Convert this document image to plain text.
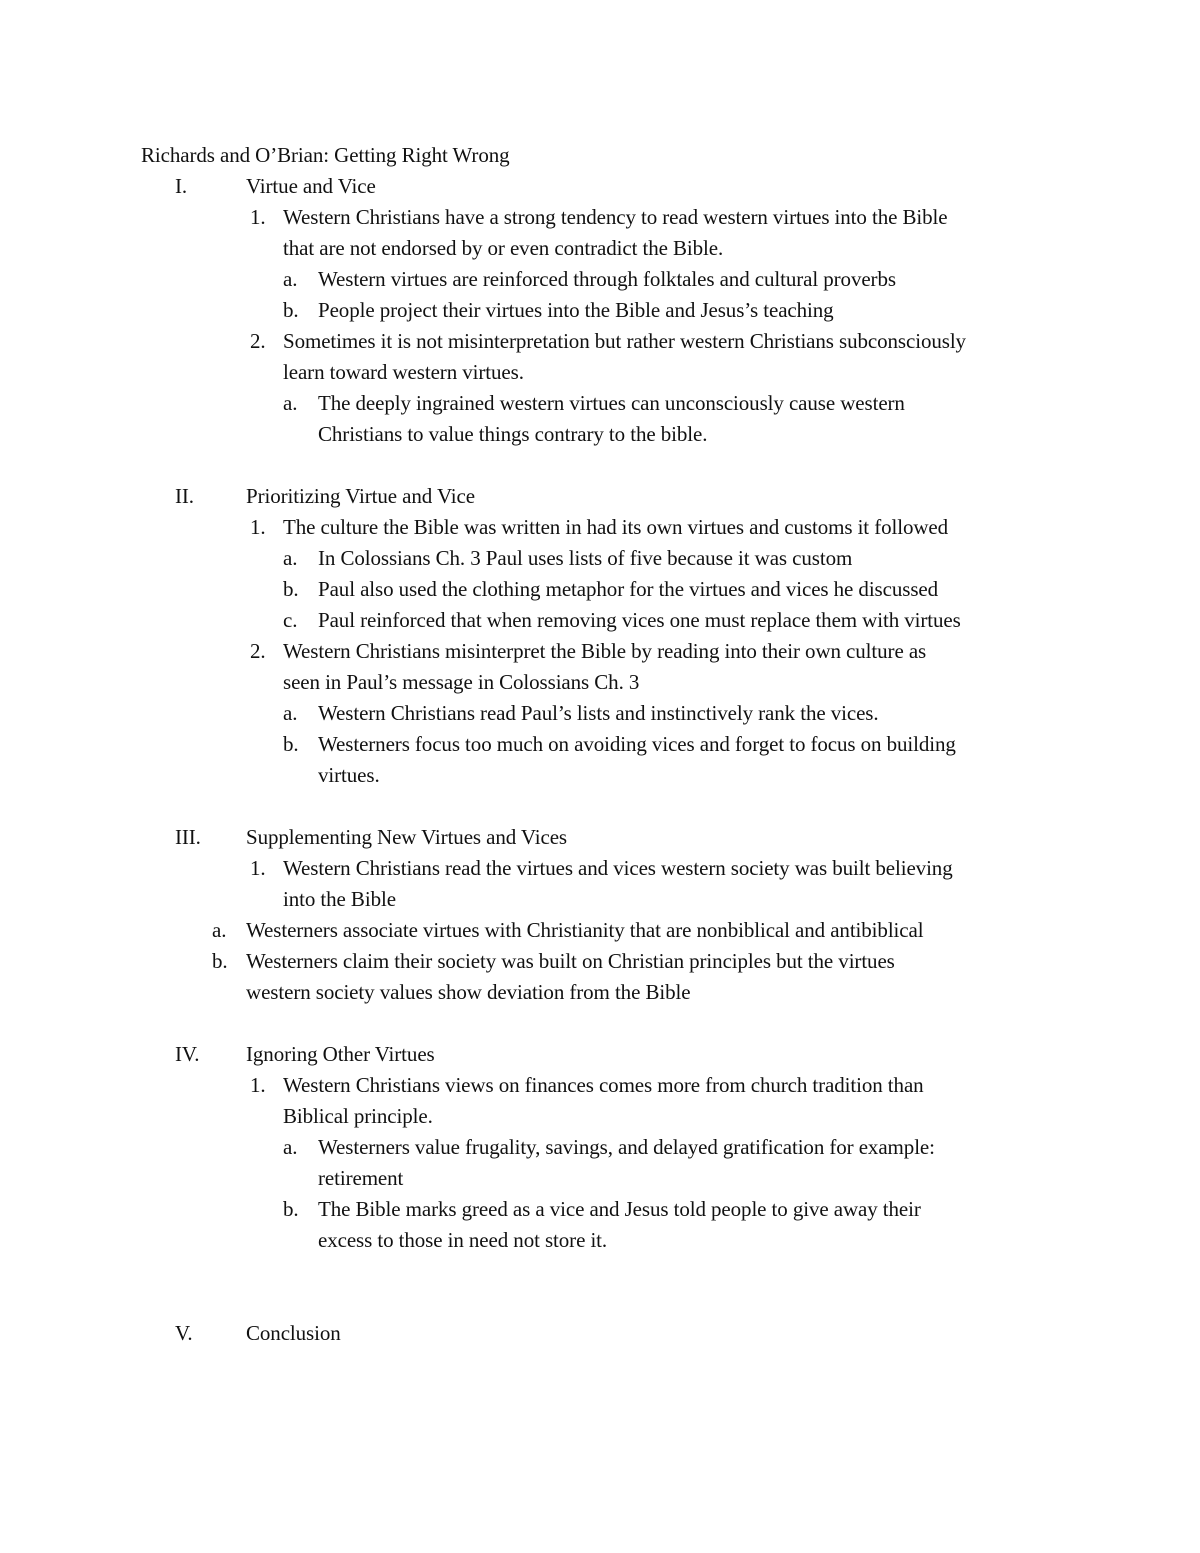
Richards and O’Brian: Getting Right Wrong
I.	Virtue and Vice
1. Western Christians have a strong tendency to read western virtues into the Bible
that are not endorsed by or even contradict the Bible.
a. Western virtues are reinforced through folktales and cultural proverbs
b. People project their virtues into the Bible and Jesus’s teaching
2. Sometimes it is not misinterpretation but rather western Christians subconsciously
learn toward western virtues.
a. The deeply ingrained western virtues can unconsciously cause western
Christians to value things contrary to the bible.
II. Prioritizing Virtue and Vice
1. The culture the Bible was written in had its own virtues and customs it followed
a. In Colossians Ch. 3 Paul uses lists of five because it was custom
b. Paul also used the clothing metaphor for the virtues and vices he discussed
c. Paul reinforced that when removing vices one must replace them with virtues
2. Western Christians misinterpret the Bible by reading into their own culture as
seen in Paul’s message in Colossians Ch. 3
a. Western Christians read Paul’s lists and instinctively rank the vices.
b. Westerners focus too much on avoiding vices and forget to focus on building
virtues.
III. Supplementing New Virtues and Vices
1. Western Christians read the virtues and vices western society was built believing
into the Bible
a. Westerners associate virtues with Christianity that are nonbiblical and antibiblical
b. Westerners claim their society was built on Christian principles but the virtues
western society values show deviation from the Bible
IV. Ignoring Other Virtues
1. Western Christians views on finances comes more from church tradition than
Biblical principle.
a. Westerners value frugality, savings, and delayed gratification for example:
retirement
b. The Bible marks greed as a vice and Jesus told people to give away their
excess to those in need not store it.
V.	Conclusion
